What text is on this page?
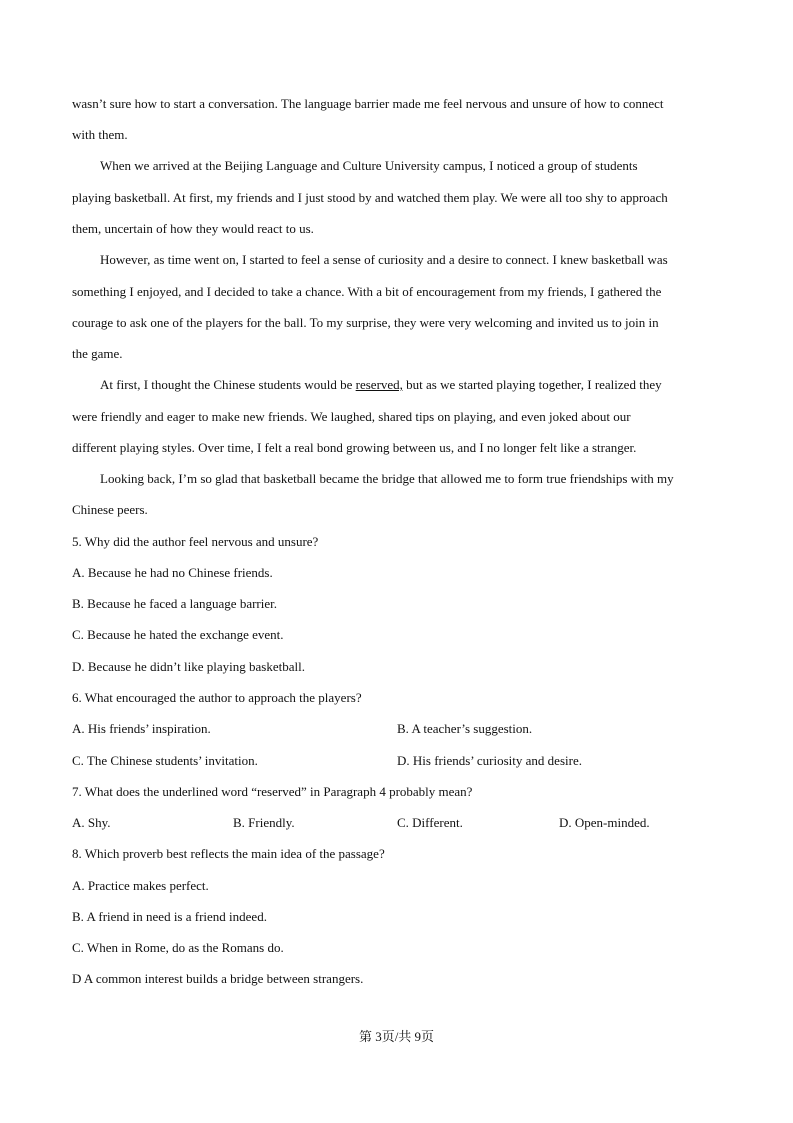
wasn’t sure how to start a conversation. The language barrier made me feel nervous and unsure of how to connect
with them.
When we arrived at the Beijing Language and Culture University campus, I noticed a group of students
playing basketball. At first, my friends and I just stood by and watched them play. We were all too shy to approach
them, uncertain of how they would react to us.
However, as time went on, I started to feel a sense of curiosity and a desire to connect. I knew basketball was
something I enjoyed, and I decided to take a chance. With a bit of encouragement from my friends, I gathered the
courage to ask one of the players for the ball. To my surprise, they were very welcoming and invited us to join in
the game.
At first, I thought the Chinese students would be reserved, but as we started playing together, I realized they
were friendly and eager to make new friends. We laughed, shared tips on playing, and even joked about our
different playing styles. Over time, I felt a real bond growing between us, and I no longer felt like a stranger.
Looking back, I’m so glad that basketball became the bridge that allowed me to form true friendships with my
Chinese peers.
5. Why did the author feel nervous and unsure?
A. Because he had no Chinese friends.
B. Because he faced a language barrier.
C. Because he hated the exchange event.
D. Because he didn’t like playing basketball.
6. What encouraged the author to approach the players?
A. His friends’ inspiration.	B. A teacher’s suggestion.
C. The Chinese students’ invitation.	D. His friends’ curiosity and desire.
7. What does the underlined word “reserved” in Paragraph 4 probably mean?
A. Shy.	B. Friendly.	C. Different.	D. Open-minded.
8. Which proverb best reflects the main idea of the passage?
A. Practice makes perfect.
B. A friend in need is a friend indeed.
C. When in Rome, do as the Romans do.
D A common interest builds a bridge between strangers.
第 3页/共 9页
